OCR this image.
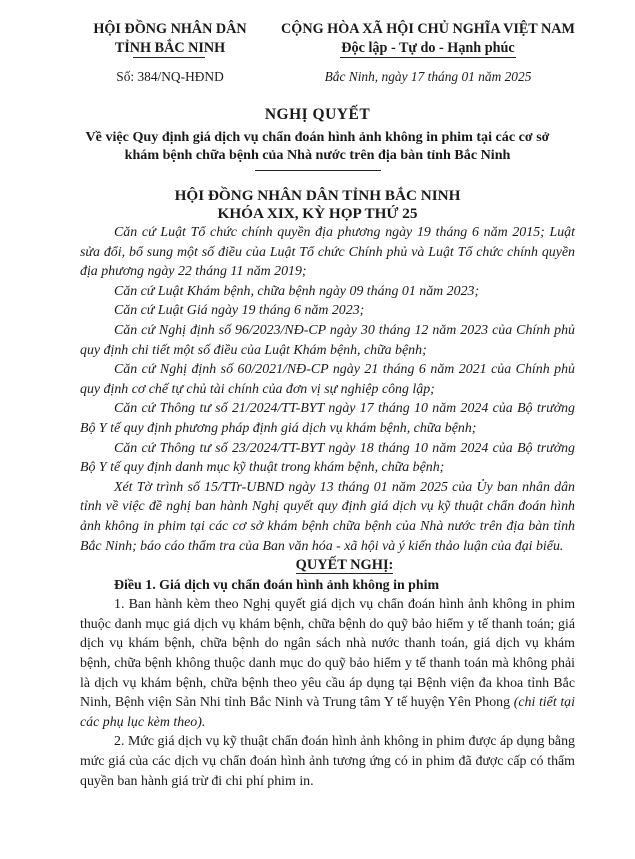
HỘI ĐỒNG NHÂN DÂN
TỈNH BẮC NINH
CỘNG HÒA XÃ HỘI CHỦ NGHĨA VIỆT NAM
Độc lập - Tự do - Hạnh phúc
Số: 384/NQ-HĐND	Bắc Ninh, ngày 17 tháng 01 năm 2025
NGHỊ QUYẾT
Về việc Quy định giá dịch vụ chẩn đoán hình ảnh không in phim tại các cơ sở
khám bệnh chữa bệnh của Nhà nước trên địa bàn tỉnh Bắc Ninh
HỘI ĐỒNG NHÂN DÂN TỈNH BẮC NINH
KHÓA XIX, KỲ HỌP THỨ 25

Căn cứ Luật Tổ chức chính quyền địa phương ngày 19 tháng 6 năm 2015; Luật sửa đổi, bổ sung một số điều của Luật Tổ chức Chính phủ và Luật Tổ chức chính quyền địa phương ngày 22 tháng 11 năm 2019;

Căn cứ Luật Khám bệnh, chữa bệnh ngày 09 tháng 01 năm 2023;

Căn cứ Luật Giá ngày 19 tháng 6 năm 2023;

Căn cứ Nghị định số 96/2023/NĐ-CP ngày 30 tháng 12 năm 2023 của Chính phủ quy định chi tiết một số điều của Luật Khám bệnh, chữa bệnh;

Căn cứ Nghị định số 60/2021/NĐ-CP ngày 21 tháng 6 năm 2021 của Chính phủ quy định cơ chế tự chủ tài chính của đơn vị sự nghiệp công lập;

Căn cứ Thông tư số 21/2024/TT-BYT ngày 17 tháng 10 năm 2024 của Bộ trưởng Bộ Y tế quy định phương pháp định giá dịch vụ khám bệnh, chữa bệnh;

Căn cứ Thông tư số 23/2024/TT-BYT ngày 18 tháng 10 năm 2024 của Bộ trưởng Bộ Y tế quy định danh mục kỹ thuật trong khám bệnh, chữa bệnh;

Xét Tờ trình số 15/TTr-UBND ngày 13 tháng 01 năm 2025 của Ủy ban nhân dân tỉnh về việc đề nghị ban hành Nghị quyết quy định giá dịch vụ kỹ thuật chẩn đoán hình ảnh không in phim tại các cơ sở khám bệnh chữa bệnh của Nhà nước trên địa bàn tỉnh Bắc Ninh; báo cáo thẩm tra của Ban văn hóa - xã hội và ý kiến thảo luận của đại biểu.

QUYẾT NGHỊ:

Điều 1. Giá dịch vụ chẩn đoán hình ảnh không in phim

1. Ban hành kèm theo Nghị quyết giá dịch vụ chẩn đoán hình ảnh không in phim thuộc danh mục giá dịch vụ khám bệnh, chữa bệnh do quỹ bảo hiểm y tế thanh toán; giá dịch vụ khám bệnh, chữa bệnh do ngân sách nhà nước thanh toán, giá dịch vụ khám bệnh, chữa bệnh không thuộc danh mục do quỹ bảo hiểm y tế thanh toán mà không phải là dịch vụ khám bệnh, chữa bệnh theo yêu cầu áp dụng tại Bệnh viện đa khoa tỉnh Bắc Ninh, Bệnh viện Sản Nhi tỉnh Bắc Ninh và Trung tâm Y tế huyện Yên Phong (chi tiết tại các phụ lục kèm theo).

2. Mức giá dịch vụ kỹ thuật chẩn đoán hình ảnh không in phim được áp dụng bằng mức giá của các dịch vụ chẩn đoán hình ảnh tương ứng có in phim đã được cấp có thẩm quyền ban hành giá trừ đi chi phí phim in.
